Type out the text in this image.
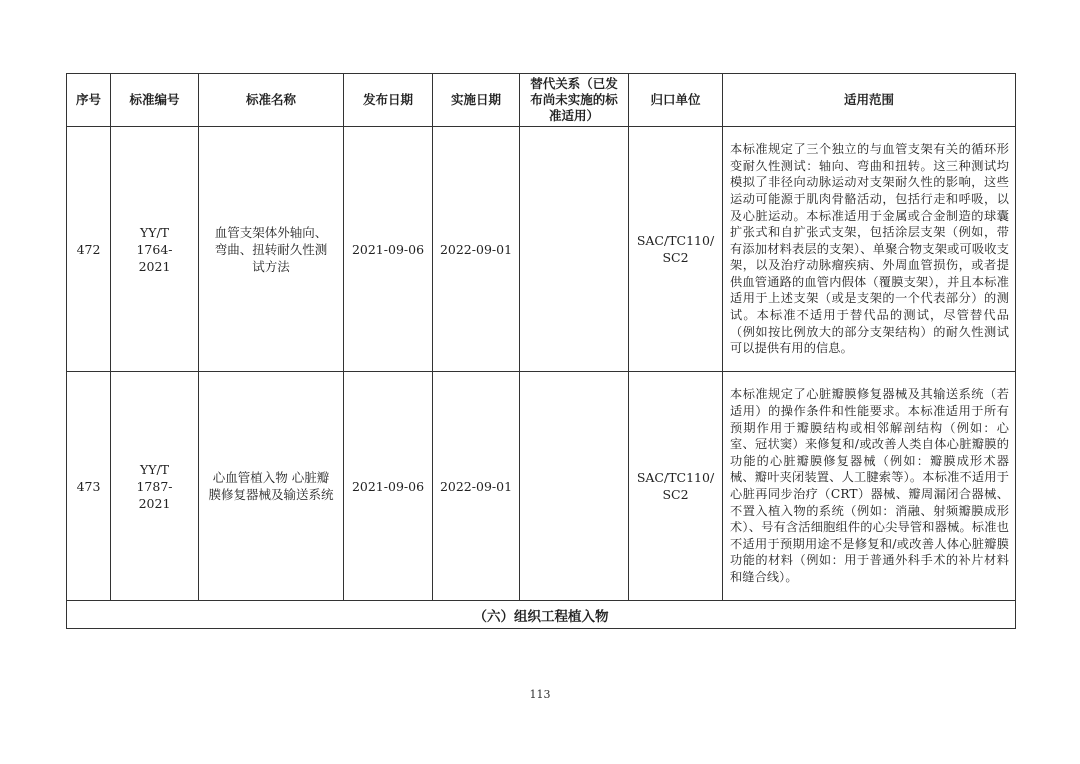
序号	标准编号	标准名称	发布日期	实施日期	替代关系（已发布尚未实施的标准适用）	归口单位	适用范围
472	YY/T 1764-2021	血管支架体外轴向、弯曲、扭转耐久性测试方法	2021-09-06	2022-09-01		SAC/TC110/SC2	本标准规定了三个独立的与血管支架有关的循环形变耐久性测试：轴向、弯曲和扭转。这三种测试均模拟了非径向动脉运动对支架耐久性的影响，这些运动可能源于肌肉骨骼活动，包括行走和呼吸，以及心脏运动。本标准适用于金属或合金制造的球囊扩张式和自扩张式支架，包括涂层支架（例如，带有添加材料表层的支架）、单聚合物支架或可吸收支架，以及治疗动脉瘤疾病、外周血管损伤，或者提供血管通路的血管内假体（覆膜支架），并且本标准适用于上述支架（或是支架的一个代表部分）的测试。本标准不适用于替代品的测试，尽管替代品（例如按比例放大的部分支架结构）的耐久性测试可以提供有用的信息。
473	YY/T 1787-2021	心血管植入物 心脏瓣膜修复器械及输送系统	2021-09-06	2022-09-01		SAC/TC110/SC2	本标准规定了心脏瓣膜修复器械及其输送系统（若适用）的操作条件和性能要求。本标准适用于所有预期作用于瓣膜结构或相邻解剖结构（例如：心室、冠状窦）来修复和/或改善人类自体心脏瓣膜的功能的心脏瓣膜修复器械（例如：瓣膜成形术器械、瓣叶夹闭装置、人工腱索等）。本标准不适用于心脏再同步治疗（CRT）器械、瓣周漏闭合器械、不置入植入物的系统（例如：消融、射频瓣膜成形术）、号有含活细胞组件的心尖导管和器械。标准也不适用于预期用途不是修复和/或改善人体心脏瓣膜功能的材料（例如：用于普通外科手术的补片材料和缝合线）。
（六）组织工程植入物							
113
